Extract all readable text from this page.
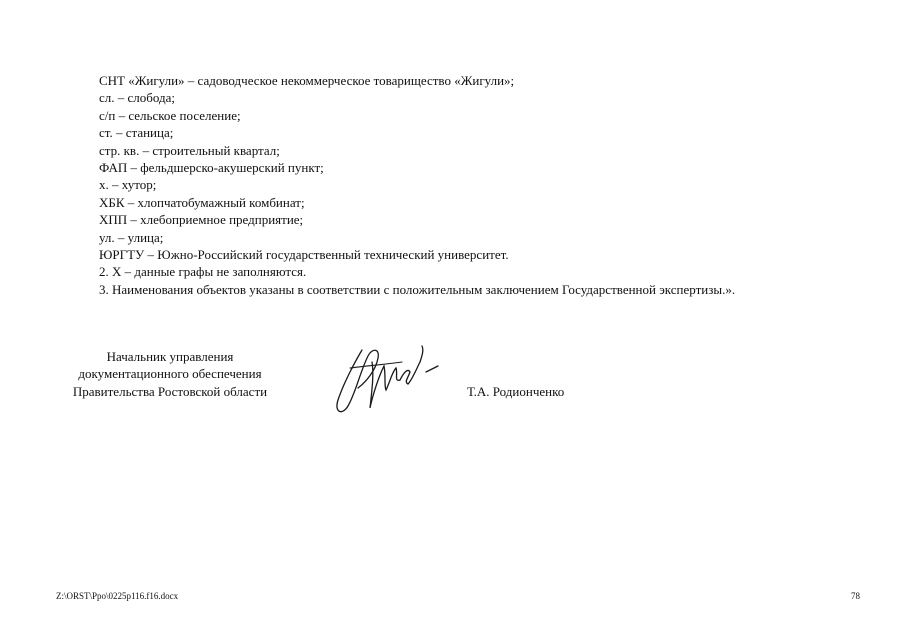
СНТ «Жигули» – садоводческое некоммерческое товарищество «Жигули»;
сл. – слобода;
с/п – сельское поселение;
ст. – станица;
стр. кв. – строительный квартал;
ФАП – фельдшерско-акушерский пункт;
х. – хутор;
ХБК – хлопчатобумажный комбинат;
ХПП – хлебоприемное предприятие;
ул. – улица;
ЮРГТУ – Южно-Российский государственный технический университет.
2. Х – данные графы не заполняются.
3. Наименования объектов указаны в соответствии с положительным заключением Государственной экспертизы.».
Начальник управления
документационного обеспечения
Правительства Ростовской области	Т.А. Родионченко
Z:\ORST\Ppo\0225p116.f16.docx	78
